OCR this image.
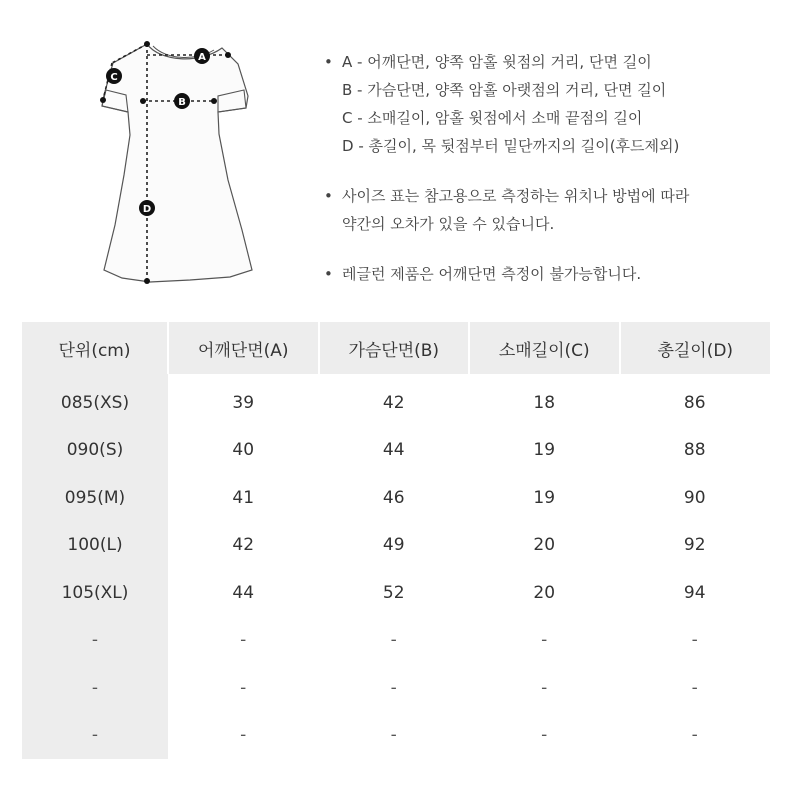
A
C
B
D
• A - 어깨단면, 양쪽 암홀 윗점의 거리, 단면 길이
B - 가슴단면, 양쪽 암홀 아랫점의 거리, 단면 길이
C - 소매길이, 암홀 윗점에서 소매 끝점의 길이
D - 총길이, 목 뒷점부터 밑단까지의 길이(후드제외)
• 사이즈 표는 참고용으로 측정하는 위치나 방법에 따라
약간의 오차가 있을 수 있습니다.
• 레글런 제품은 어깨단면 측정이 불가능합니다.
단위(cm)	어깨단면(A)	가슴단면(B)	소매길이(C)	총길이(D)
085(XS)	39	42	18	86
090(S)	40	44	19	88
095(M)	41	46	19	90
100(L)	42	49	20	92
105(XL)	44	52	20	94
-	-	-	-	-
-	-	-	-	-
-	-	-	-	-
